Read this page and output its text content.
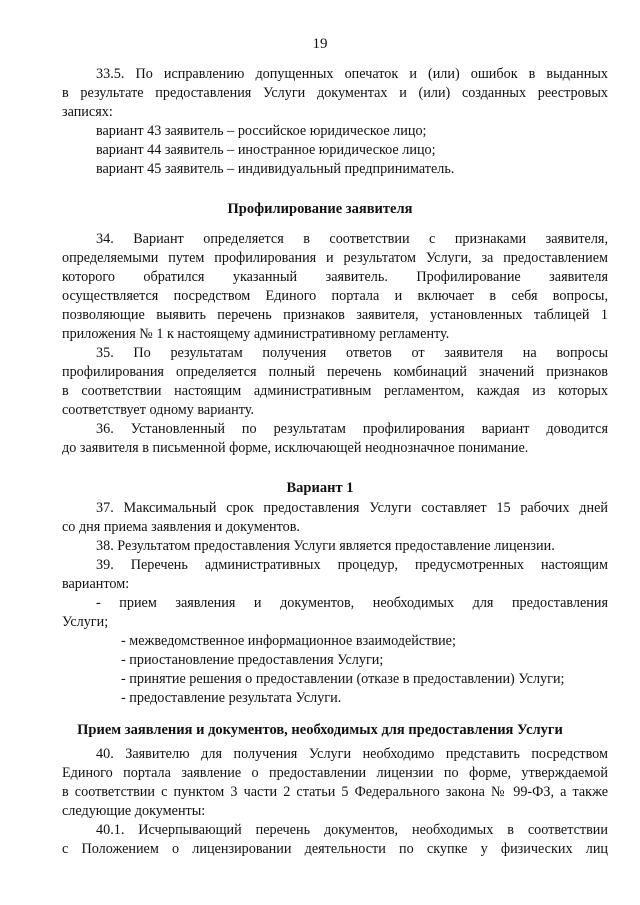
19
33.5. По исправлению допущенных опечаток и (или) ошибок в выданных
в результате предоставления Услуги документах и (или) созданных реестровых
записях:
вариант 43 заявитель – российское юридическое лицо;
вариант 44 заявитель – иностранное юридическое лицо;
вариант 45 заявитель – индивидуальный предприниматель.
Профилирование заявителя
34. Вариант определяется в соответствии с признаками заявителя,
определяемыми путем профилирования и результатом Услуги, за предоставлением
которого обратился указанный заявитель. Профилирование заявителя
осуществляется посредством Единого портала и включает в себя вопросы,
позволяющие выявить перечень признаков заявителя, установленных таблицей 1
приложения № 1 к настоящему административному регламенту.
35. По результатам получения ответов от заявителя на вопросы
профилирования определяется полный перечень комбинаций значений признаков
в соответствии настоящим административным регламентом, каждая из которых
соответствует одному варианту.
36. Установленный по результатам профилирования вариант доводится
до заявителя в письменной форме, исключающей неоднозначное понимание.
Вариант 1
37. Максимальный срок предоставления Услуги составляет 15 рабочих дней
со дня приема заявления и документов.
38. Результатом предоставления Услуги является предоставление лицензии.
39. Перечень административных процедур, предусмотренных настоящим
вариантом:
- прием заявления и документов, необходимых для предоставления
Услуги;
- межведомственное информационное взаимодействие;
- приостановление предоставления Услуги;
- принятие решения о предоставлении (отказе в предоставлении) Услуги;
- предоставление результата Услуги.
Прием заявления и документов, необходимых для предоставления Услуги
40. Заявителю для получения Услуги необходимо представить посредством
Единого портала заявление о предоставлении лицензии по форме, утверждаемой
в соответствии с пунктом 3 части 2 статьи 5 Федерального закона № 99-ФЗ, а также
следующие документы:
40.1. Исчерпывающий перечень документов, необходимых в соответствии
с Положением о лицензировании деятельности по скупке у физических лиц
